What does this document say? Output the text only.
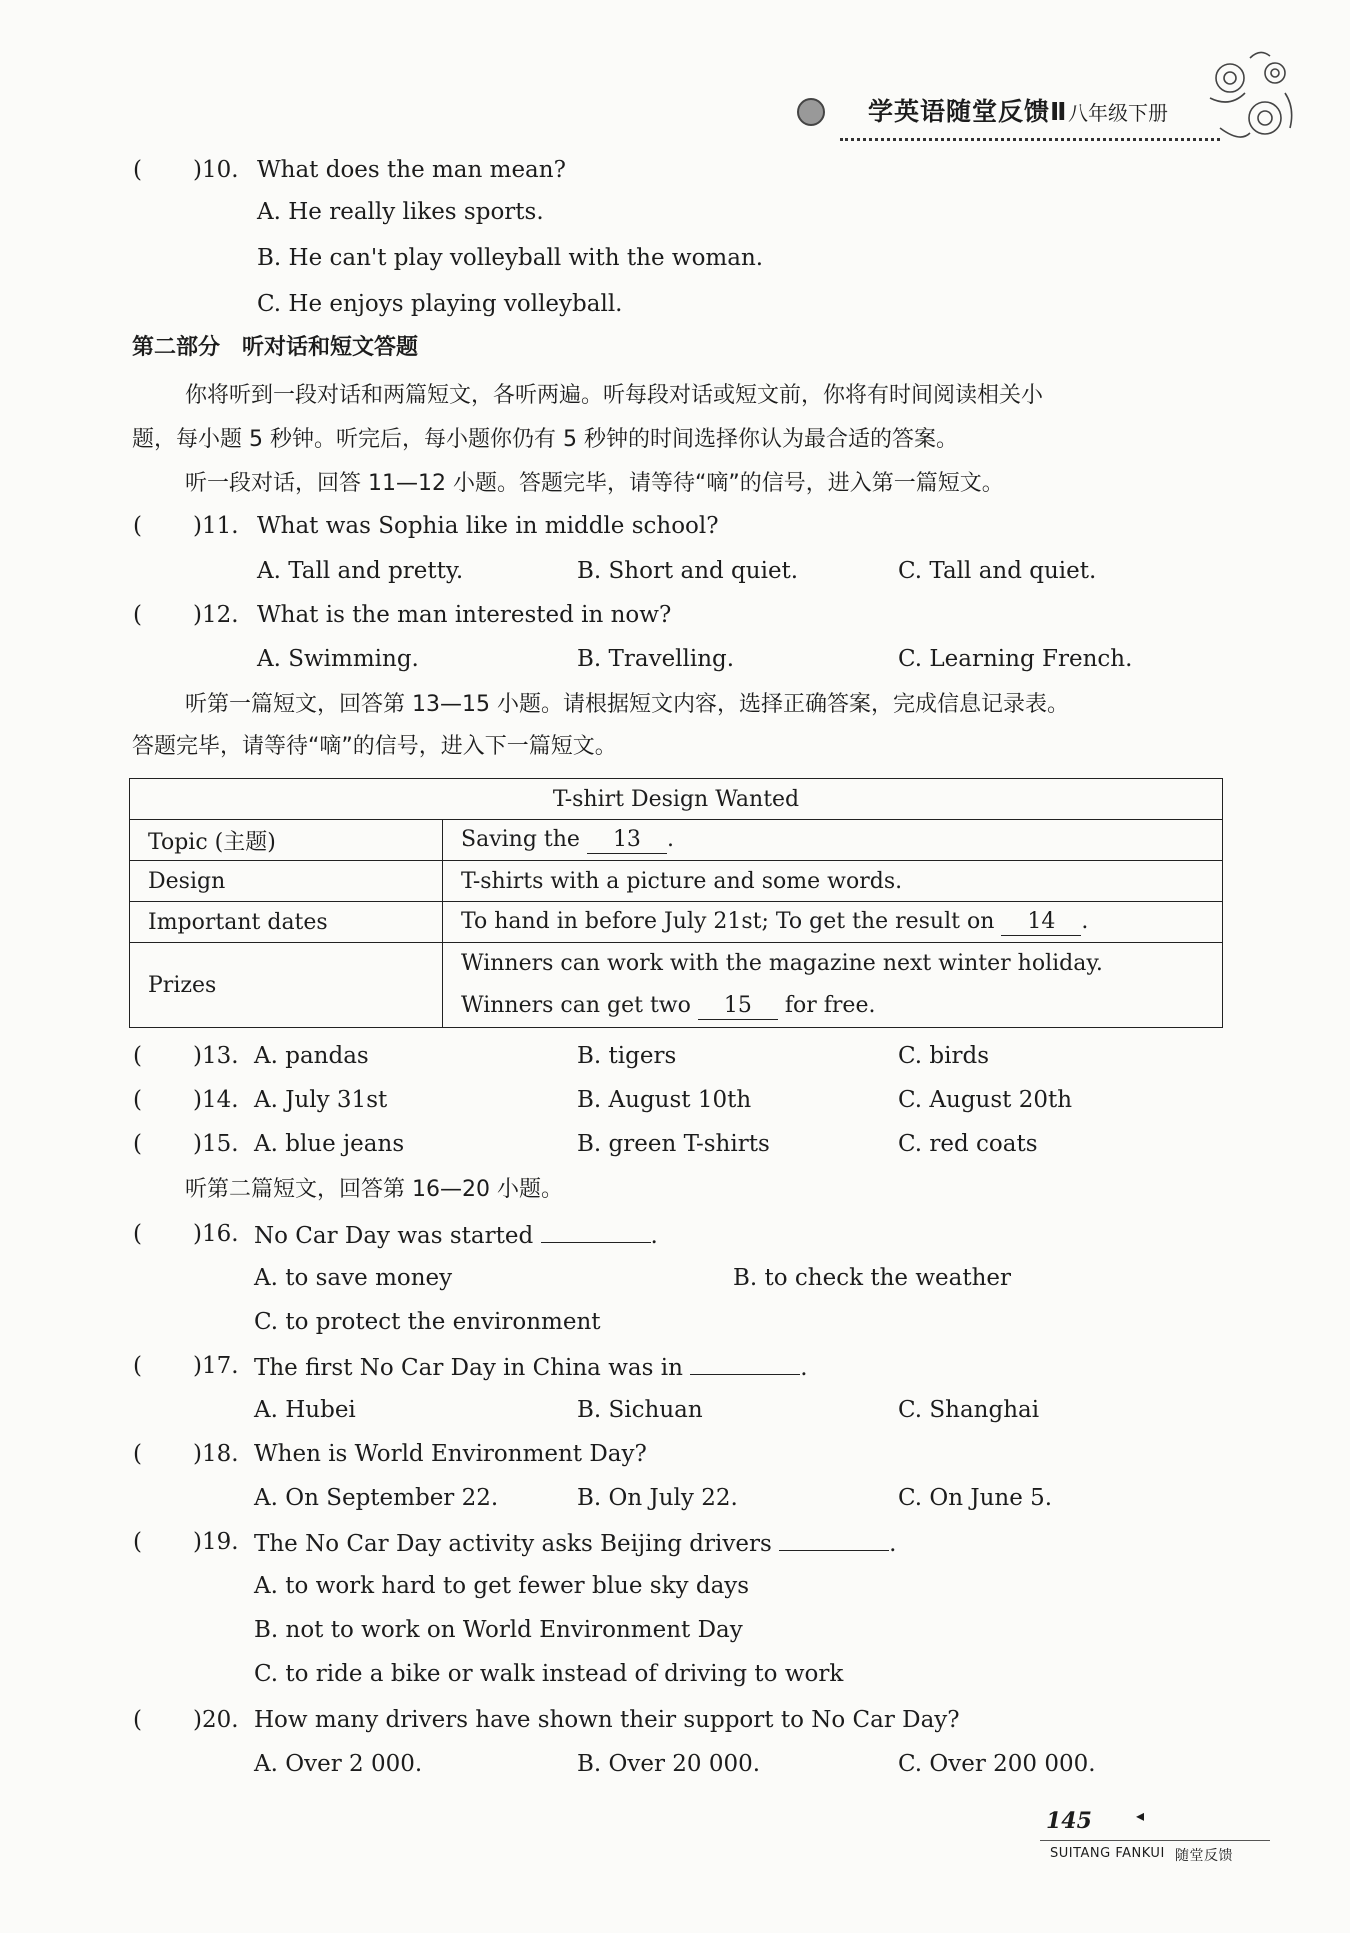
学英语随堂反馈Ⅱ 八年级下册
( )10. What does the man mean?
A. He really likes sports.
B. He can't play volleyball with the woman.
C. He enjoys playing volleyball.
第二部分　听对话和短文答题
你将听到一段对话和两篇短文，各听两遍。听每段对话或短文前，你将有时间阅读相关小
题，每小题 5 秒钟。听完后，每小题你仍有 5 秒钟的时间选择你认为最合适的答案。
听一段对话，回答 11—12 小题。答题完毕，请等待“嘀”的信号，进入第一篇短文。
( )11. What was Sophia like in middle school?
A. Tall and pretty.	B. Short and quiet.	C. Tall and quiet.
( )12. What is the man interested in now?
A. Swimming.	B. Travelling.	C. Learning French.
听第一篇短文，回答第 13—15 小题。请根据短文内容，选择正确答案，完成信息记录表。
答题完毕，请等待“嘀”的信号，进入下一篇短文。
T-shirt Design Wanted	
Topic (主题)	Saving the 13 .
Design	T-shirts with a picture and some words.
Important dates	To hand in before July 21st; To get the result on 14 .
Prizes	Winners can work with the magazine next winter holiday.
Winners can get two 15 for free.
( )13. A. pandas	B. tigers	C. birds
( )14. A. July 31st	B. August 10th	C. August 20th
( )15. A. blue jeans	B. green T-shirts	C. red coats
听第二篇短文，回答第 16—20 小题。
( )16. No Car Day was started	.
A. to save money	B. to check the weather
C. to protect the environment
( )17. The first No Car Day in China was in	.
A. Hubei	B. Sichuan	C. Shanghai
( )18. When is World Environment Day?
A. On September 22.	B. On July 22.	C. On June 5.
( )19. The No Car Day activity asks Beijing drivers	.
A. to work hard to get fewer blue sky days
B. not to work on World Environment Day
C. to ride a bike or walk instead of driving to work
( )20. How many drivers have shown their support to No Car Day?
A. Over 2 000.	B. Over 20 000.	C. Over 200 000.
145	◂
SUITANG FANKUI 随堂反馈
